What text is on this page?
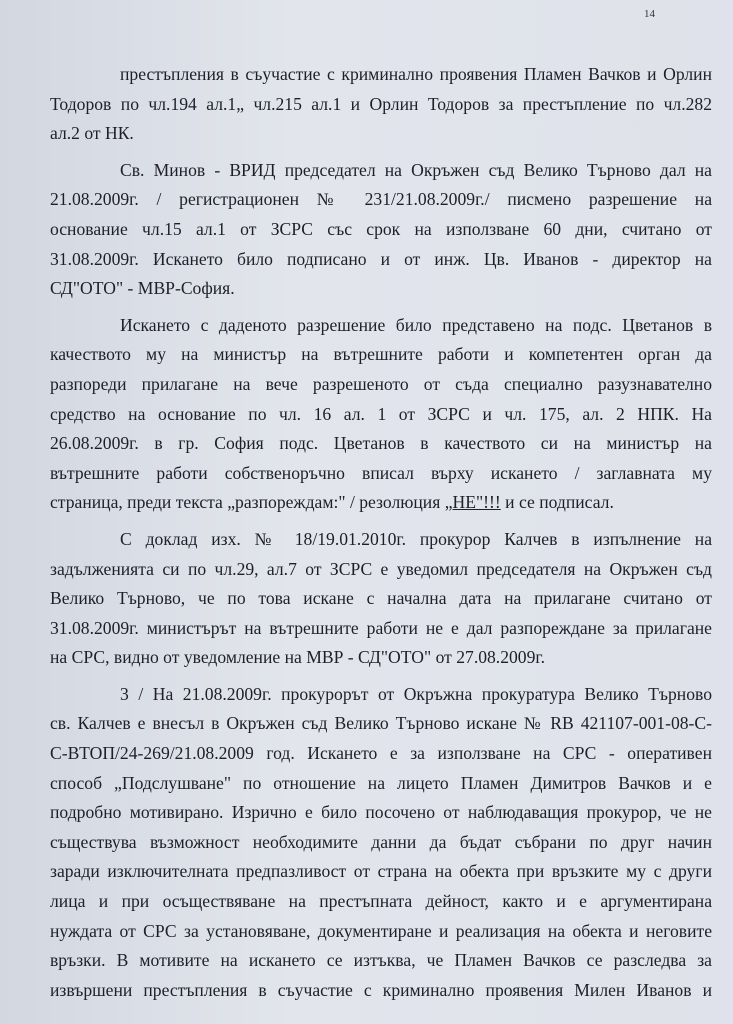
14

престъпления в съучастие с криминално проявения Пламен Вачков и Орлин
Тодоров по чл.194 ал.1„ чл.215 ал.1 и Орлин Тодоров за престъпление по чл.282
ал.2 от НК.

Св. Минов - ВРИД председател на Окръжен съд Велико Търново дал на
21.08.2009г. / регистрационен № 231/21.08.2009г./ писмено разрешение на
основание чл.15 ал.1 от ЗСРС със срок на използване 60 дни, считано от
31.08.2009г. Искането било подписано и от инж. Цв. Иванов - директор на
СД"ОТО" - МВР-София.

Искането с даденото разрешение било представено на подс. Цветанов в
качеството му на министър на вътрешните работи и компетентен орган да
разпореди прилагане на вече разрешеното от съда специално разузнавателно
средство на основание по чл. 16 ал. 1 от ЗСРС и чл. 175, ал. 2 НПК. На
26.08.2009г. в гр. София подс. Цветанов в качеството си на министър на
вътрешните работи собственоръчно вписал върху искането / заглавната му
страница, преди текста „разпореждам:" / резолюция „НЕ"!!! и се подписал.

С доклад изх. № 18/19.01.2010г. прокурор Калчев в изпълнение на
задълженията си по чл.29, ал.7 от ЗСРС е уведомил председателя на Окръжен съд
Велико Търново, че по това искане с начална дата на прилагане считано от
31.08.2009г. министърът на вътрешните работи не е дал разпореждане за прилагане
на СРС, видно от уведомление на МВР - СД"ОТО" от 27.08.2009г.

3 / На 21.08.2009г. прокурорът от Окръжна прокуратура Велико Търново
св. Калчев е внесъл в Окръжен съд Велико Търново искане № RB 421107-001-08-С-
С-ВТОП/24-269/21.08.2009 год. Искането е за използване на СРС - оперативен
способ „Подслушване" по отношение на лицето Пламен Димитров Вачков и е
подробно мотивирано. Изрично е било посочено от наблюдаващия прокурор, че не
съществува възможност необходимите данни да бъдат събрани по друг начин
заради изключителната предпазливост от страна на обекта при връзките му с други
лица и при осъществяване на престъпната дейност, както и е аргументирана
нуждата от СРС за установяване, документиране и реализация на обекта и неговите
връзки. В мотивите на искането се изтъква, че Пламен Вачков се разследва за
извършени престъпления в съучастие с криминално проявения Милен Иванов и
